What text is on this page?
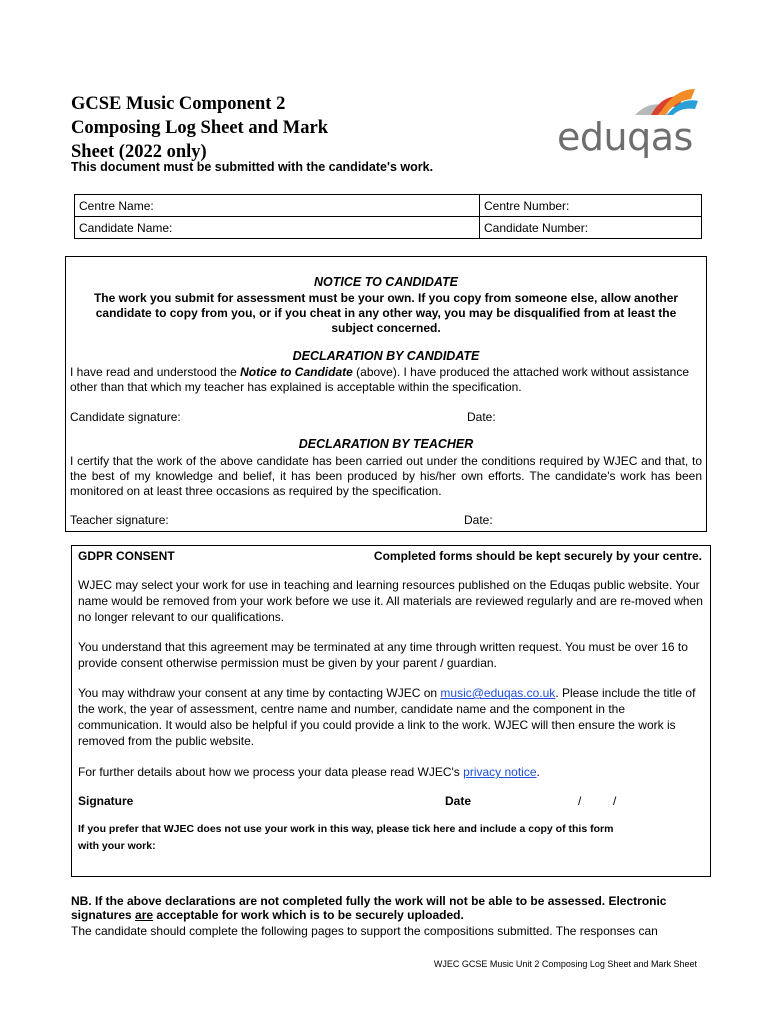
GCSE Music Component 2
Composing Log Sheet and Mark
Sheet (2022 only)
This document must be submitted with the candidate's work.
eduqas
Centre Name:	Centre Number:
Candidate Name:	Candidate Number:
NOTICE TO CANDIDATE
The work you submit for assessment must be your own. If you copy from someone else, allow another candidate to copy from you, or if you cheat in any other way, you may be disqualified from at least the subject concerned.
DECLARATION BY CANDIDATE
I have read and understood the Notice to Candidate (above). I have produced the attached work without assistance other than that which my teacher has explained is acceptable within the specification.
Candidate signature:	Date:
DECLARATION BY TEACHER
I certify that the work of the above candidate has been carried out under the conditions required by WJEC and that, to the best of my knowledge and belief, it has been produced by his/her own efforts. The candidate's work has been monitored on at least three occasions as required by the specification.
Teacher signature:	Date:
GDPR CONSENT	Completed forms should be kept securely by your centre.
WJEC may select your work for use in teaching and learning resources published on the Eduqas public website. Your name would be removed from your work before we use it. All materials are reviewed regularly and are re-moved when no longer relevant to our qualifications.
You understand that this agreement may be terminated at any time through written request. You must be over 16 to provide consent otherwise permission must be given by your parent / guardian.
You may withdraw your consent at any time by contacting WJEC on music@eduqas.co.uk. Please include the title of the work, the year of assessment, centre name and number, candidate name and the component in the communication. It would also be helpful if you could provide a link to the work. WJEC will then ensure the work is removed from the public website.
For further details about how we process your data please read WJEC's privacy notice.
Signature	Date	/	/
If you prefer that WJEC does not use your work in this way, please tick here and include a copy of this form
with your work:
NB. If the above declarations are not completed fully the work will not be able to be assessed. Electronic
signatures are acceptable for work which is to be securely uploaded.
The candidate should complete the following pages to support the compositions submitted. The responses can
WJEC GCSE Music Unit 2 Composing Log Sheet and Mark Sheet
